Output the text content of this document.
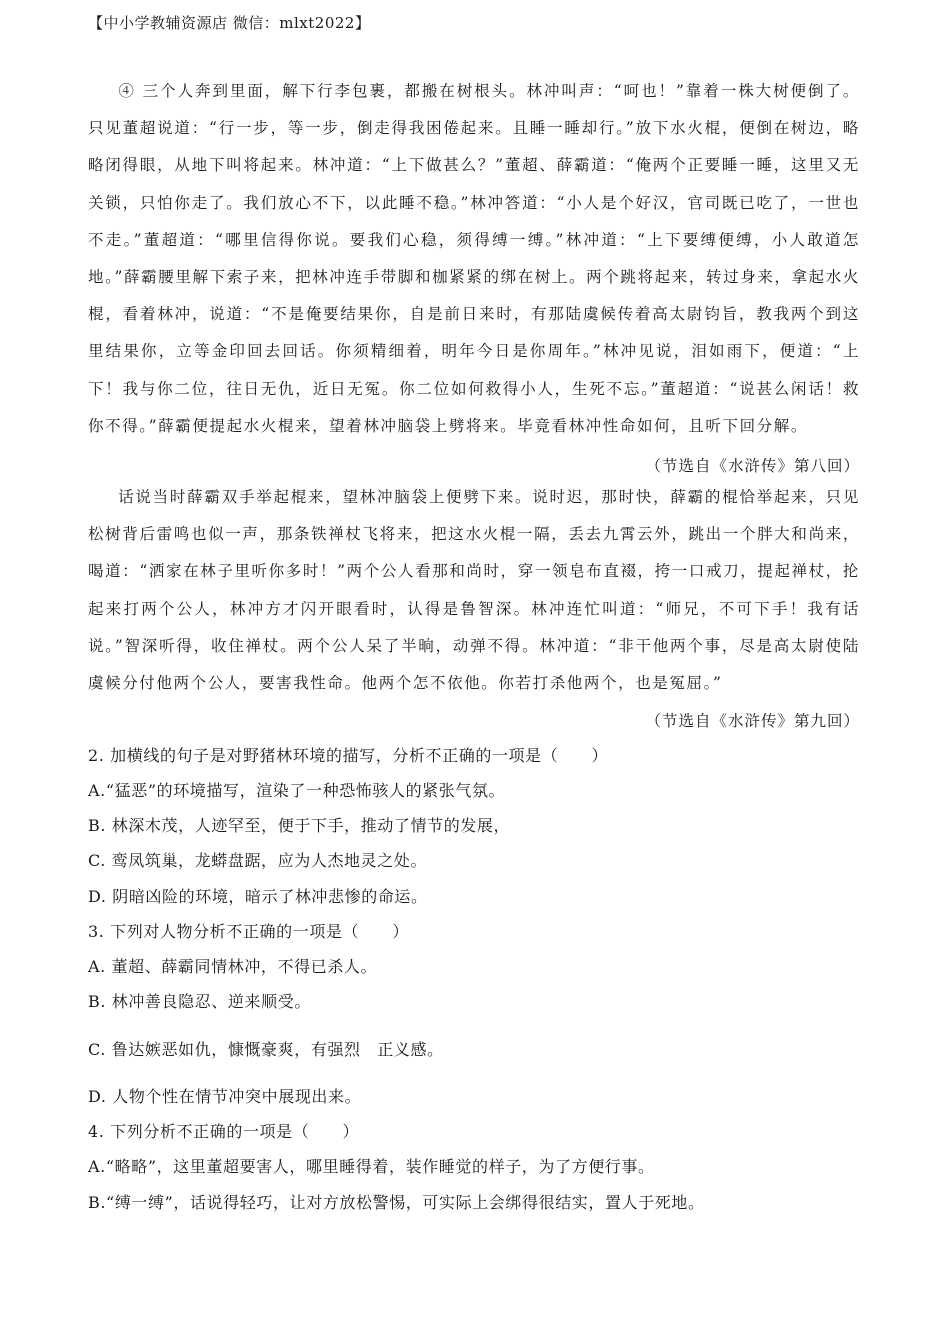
【中小学教辅资源店 微信：mlxt2022】

④ 三个人奔到里面，解下行李包裹，都搬在树根头。林冲叫声：“呵也！”靠着一株大树便倒了。只见董超说道：“行一步，等一步，倒走得我困倦起来。且睡一睡却行。”放下水火棍，便倒在树边，略略闭得眼，从地下叫将起来。林冲道：“上下做甚么？”董超、薛霸道：“俺两个正要睡一睡，这里又无关锁，只怕你走了。我们放心不下，以此睡不稳。”林冲答道：“小人是个好汉，官司既已吃了，一世也不走。”董超道：“哪里信得你说。要我们心稳，须得缚一缚。”林冲道：“上下要缚便缚，小人敢道怎地。”薛霸腰里解下索子来，把林冲连手带脚和枷紧紧的绑在树上。两个跳将起来，转过身来，拿起水火棍，看着林冲，说道：“不是俺要结果你，自是前日来时，有那陆虞候传着高太尉钧旨，教我两个到这里结果你，立等金印回去回话。你须精细着，明年今日是你周年。”林冲见说，泪如雨下，便道：“上下！我与你二位，往日无仇，近日无冤。你二位如何救得小人，生死不忘。”董超道：“说甚么闲话！救你不得。”薛霸便提起水火棍来，望着林冲脑袋上劈将来。毕竟看林冲性命如何，且听下回分解。

（节选自《水浒传》第八回）

话说当时薛霸双手举起棍来，望林冲脑袋上便劈下来。说时迟，那时快，薛霸的棍恰举起来，只见松树背后雷鸣也似一声，那条铁禅杖飞将来，把这水火棍一隔，丢去九霄云外，跳出一个胖大和尚来，喝道：“洒家在林子里听你多时！”两个公人看那和尚时，穿一领皂布直裰，挎一口戒刀，提起禅杖，抡起来打两个公人，林冲方才闪开眼看时，认得是鲁智深。林冲连忙叫道：“师兄，不可下手！我有话说。”智深听得，收住禅杖。两个公人呆了半晌，动弹不得。林冲道：“非干他两个事，尽是高太尉使陆虞候分付他两个公人，要害我性命。他两个怎不依他。你若打杀他两个，也是冤屈。”

（节选自《水浒传》第九回）
2. 加横线的句子是对野猪林环境的描写，分析不正确的一项是（　　）
A.“猛恶”的环境描写，渲染了一种恐怖骇人的紧张气氛。
B. 林深木茂，人迹罕至，便于下手，推动了情节的发展，
C. 鸾凤筑巢，龙蟒盘踞，应为人杰地灵之处。
D. 阴暗凶险的环境，暗示了林冲悲惨的命运。
3. 下列对人物分析不正确的一项是（　　）
A. 董超、薛霸同情林冲，不得已杀人。
B. 林冲善良隐忍、逆来顺受。
C. 鲁达嫉恶如仇，慷慨豪爽，有强烈　正义感。
D. 人物个性在情节冲突中展现出来。
4. 下列分析不正确的一项是（　　）
A.“略略”，这里董超要害人，哪里睡得着，装作睡觉的样子，为了方便行事。
B.“缚一缚”，话说得轻巧，让对方放松警惕，可实际上会绑得很结实，置人于死地。
